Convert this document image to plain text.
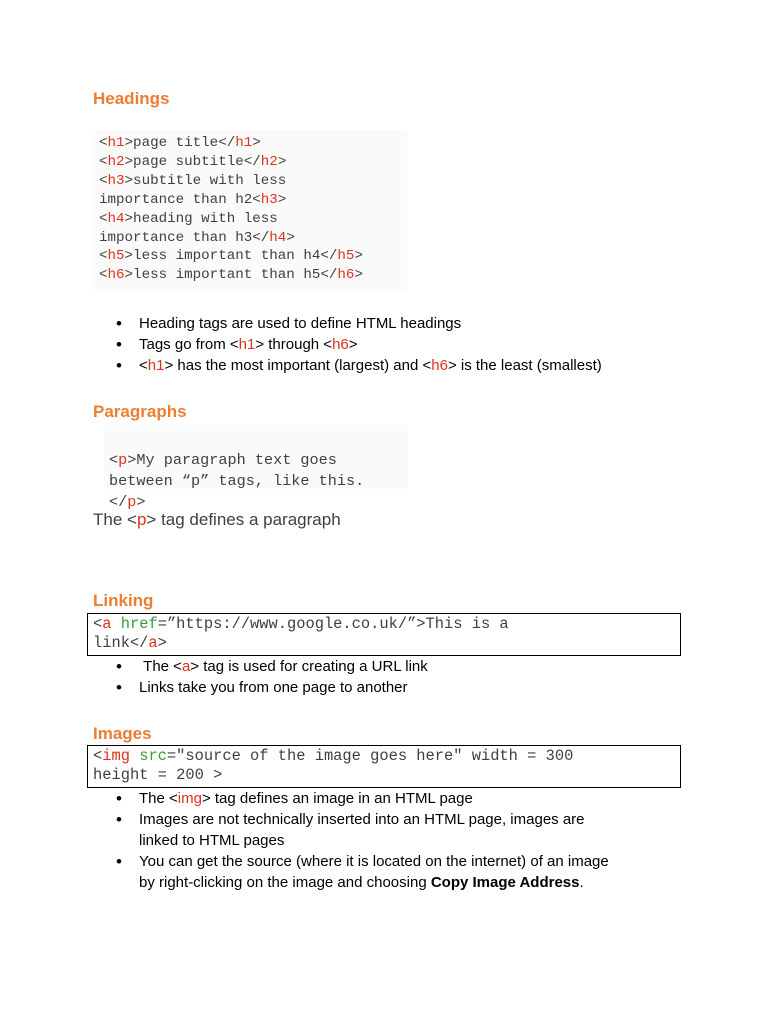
Headings
<h1>page title</h1>
<h2>page subtitle</h2>
<h3>subtitle with less
importance than h2<h3>
<h4>heading with less
importance than h3</h4>
<h5>less important than h4</h5>
<h6>less important than h5</h6>
• Heading tags are used to define HTML headings
• Tags go from <h1> through <h6>
• <h1> has the most important (largest) and <h6> is the least (smallest)
Paragraphs

<p>My paragraph text goes
between “p” tags, like this.
</p>
The <p> tag defines a paragraph
Linking
<a href=”https://www.google.co.uk/”>This is a
link</a>
• The <a> tag is used for creating a URL link
• Links take you from one page to another
Images
<img src="source of the image goes here" width = 300
height = 200 >
• The <img> tag defines an image in an HTML page
• Images are not technically inserted into an HTML page, images are
linked to HTML pages
• You can get the source (where it is located on the internet) of an image
by right-clicking on the image and choosing Copy Image Address.
